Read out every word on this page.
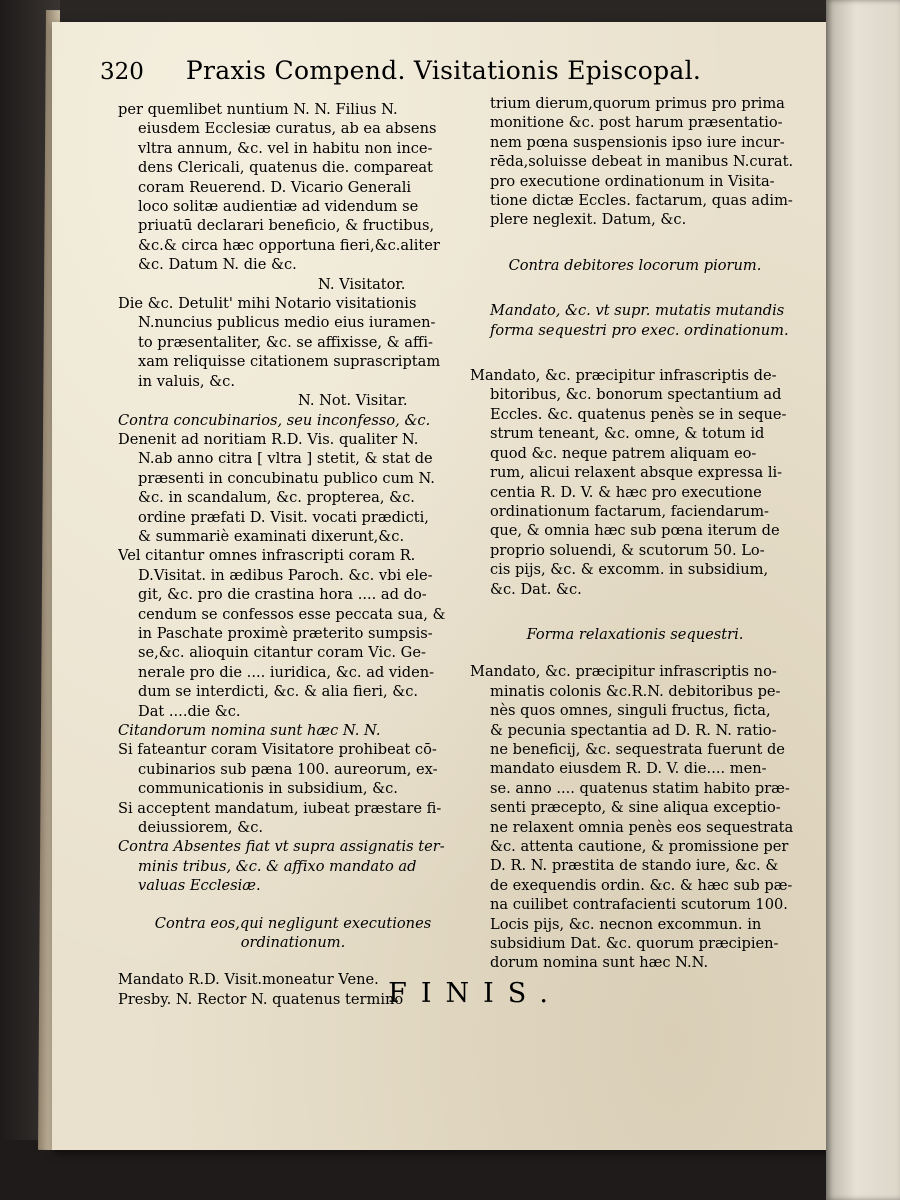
320 Praxis Compend. Visitationis Episcopal.
per quemlibet nuntium N. N. Filius N.
eiusdem Ecclesiæ curatus, ab ea absens
vltra annum, &c. vel in habitu non ince-
dens Clericali, quatenus die. compareat
coram Reuerend. D. Vicario Generali
loco solitæ audientiæ ad videndum se
priuatū declarari beneficio, & fructibus,
&c.& circa hæc opportuna fieri,&c.aliter
&c. Datum N. die &c.
N. Visitator.
Die &c. Detulit' mihi Notario visitationis
N.nuncius publicus medio eius iuramen-
to præsentaliter, &c. se affixisse, & affi-
xam reliquisse citationem suprascriptam
in valuis, &c.
N. Not. Visitar.
Contra concubinarios, seu inconfesso, &c.
Denenit ad noritiam R.D. Vis. qualiter N.
N.ab anno citra [ vltra ] stetit, & stat de
præsenti in concubinatu publico cum N.
&c. in scandalum, &c. propterea, &c.
ordine præfati D. Visit. vocati prædicti,
& summariè examinati dixerunt,&c.
Vel citantur omnes infrascripti coram R.
D.Visitat. in ædibus Paroch. &c. vbi ele-
git, &c. pro die crastina hora .... ad do-
cendum se confessos esse peccata sua, &
in Paschate proximè præterito sumpsis-
se,&c. alioquin citantur coram Vic. Ge-
nerale pro die .... iuridica, &c. ad viden-
dum se interdicti, &c. & alia fieri, &c.
Dat ....die &c.
Citandorum nomina sunt hæc N. N.
Si fateantur coram Visitatore prohibeat cō-
cubinarios sub pæna 100. aureorum, ex-
communicationis in subsidium, &c.
Si acceptent mandatum, iubeat præstare fi-
deiussiorem, &c.
Contra Absentes fiat vt supra assignatis ter-
minis tribus, &c. & affixo mandato ad
valuas Ecclesiæ.
Contra eos,qui negligunt executiones
ordinationum.
Mandato R.D. Visit.moneatur Vene.
Presby. N. Rector N. quatenus termino
trium dierum,quorum primus pro prima
monitione &c. post harum præsentatio-
nem pœna suspensionis ipso iure incur-
rēda,soluisse debeat in manibus N.curat.
pro executione ordinationum in Visita-
tione dictæ Eccles. factarum, quas adim-
plere neglexit. Datum, &c.
Contra debitores locorum piorum.
Mandato, &c. vt supr. mutatis mutandis
forma sequestri pro exec. ordinationum.
Mandato, &c. præcipitur infrascriptis de-
bitoribus, &c. bonorum spectantium ad
Eccles. &c. quatenus penès se in seque-
strum teneant, &c. omne, & totum id
quod &c. neque patrem aliquam eo-
rum, alicui relaxent absque expressa li-
centia R. D. V. & hæc pro executione
ordinationum factarum, faciendarum-
que, & omnia hæc sub pœna iterum de
proprio soluendi, & scutorum 50. Lo-
cis pijs, &c. & excomm. in subsidium,
&c. Dat. &c.
Forma relaxationis sequestri.
Mandato, &c. præcipitur infrascriptis no-
minatis colonis &c.R.N. debitoribus pe-
nès quos omnes, singuli fructus, ficta,
& pecunia spectantia ad D. R. N. ratio-
ne beneficij, &c. sequestrata fuerunt de
mandato eiusdem R. D. V. die.... men-
se. anno .... quatenus statim habito præ-
senti præcepto, & sine aliqua exceptio-
ne relaxent omnia penès eos sequestrata
&c. attenta cautione, & promissione per
D. R. N. præstita de stando iure, &c. &
de exequendis ordin. &c. & hæc sub pæ-
na cuilibet contrafacienti scutorum 100.
Locis pijs, &c. necnon excommun. in
subsidium Dat. &c. quorum præcipien-
dorum nomina sunt hæc N.N.
FINIS.
